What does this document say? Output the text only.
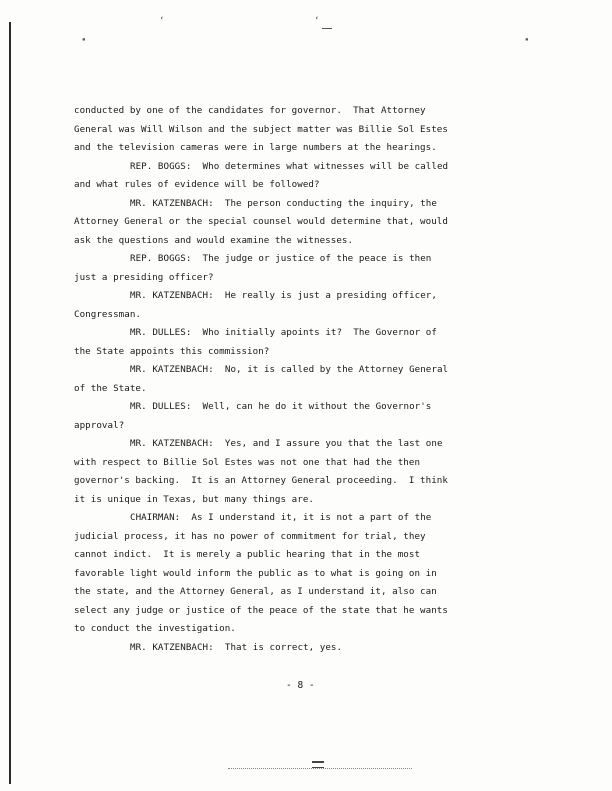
ʻ	ʻ
▪	▪
conducted by one of the candidates for governor.  That Attorney
General was Will Wilson and the subject matter was Billie Sol Estes
and the television cameras were in large numbers at the hearings.
REP. BOGGS:  Who determines what witnesses will be called
and what rules of evidence will be followed?
MR. KATZENBACH:  The person conducting the inquiry, the
Attorney General or the special counsel would determine that, would
ask the questions and would examine the witnesses.
REP. BOGGS:  The judge or justice of the peace is then
just a presiding officer?
MR. KATZENBACH:  He really is just a presiding officer,
Congressman.
MR. DULLES:  Who initially apoints it?  The Governor of
the State appoints this commission?
MR. KATZENBACH:  No, it is called by the Attorney General
of the State.
MR. DULLES:  Well, can he do it without the Governor's
approval?
MR. KATZENBACH:  Yes, and I assure you that the last one
with respect to Billie Sol Estes was not one that had the then
governor's backing.  It is an Attorney General proceeding.  I think
it is unique in Texas, but many things are.
CHAIRMAN:  As I understand it, it is not a part of the
judicial process, it has no power of commitment for trial, they
cannot indict.  It is merely a public hearing that in the most
favorable light would inform the public as to what is going on in
the state, and the Attorney General, as I understand it, also can
select any judge or justice of the peace of the state that he wants
to conduct the investigation.
MR. KATZENBACH:  That is correct, yes.
- 8 -
